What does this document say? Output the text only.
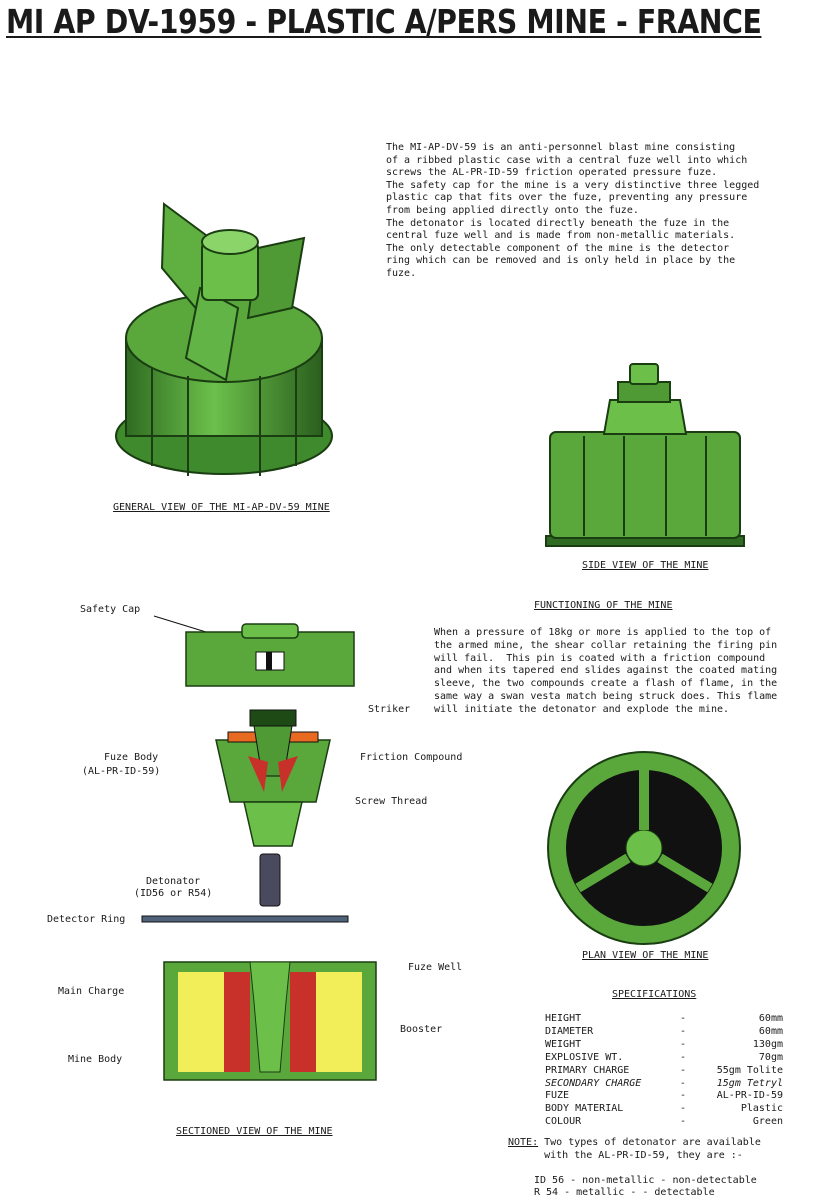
MI AP DV-1959 - PLASTIC A/PERS MINE - FRANCE
GENERAL VIEW OF THE MI-AP-DV-59 MINE
The MI-AP-DV-59 is an anti-personnel blast mine consisting
of a ribbed plastic case with a central fuze well into which
screws the AL-PR-ID-59 friction operated pressure fuze.
The safety cap for the mine is a very distinctive three legged
plastic cap that fits over the fuze, preventing any pressure
from being applied directly onto the fuze.
The detonator is located directly beneath the fuze in the
central fuze well and is made from non-metallic materials.
The only detectable component of the mine is the detector
ring which can be removed and is only held in place by the
fuze.
SIDE VIEW OF THE MINE
FUNCTIONING OF THE MINE
When a pressure of 18kg or more is applied to the top of
the armed mine, the shear collar retaining the firing pin
will fail.  This pin is coated with a friction compound
and when its tapered end slides against the coated mating
sleeve, the two compounds create a flash of flame, in the
same way a swan vesta match being struck does. This flame
will initiate the detonator and explode the mine.
Safety Cap
Striker
Fuze Body
(AL-PR-ID-59)
Friction Compound
Screw Thread
Detonator
(ID56 or R54)
Detector Ring
Fuze Well
Main Charge
Booster
Mine Body
SECTIONED VIEW OF THE MINE
PLAN VIEW OF THE MINE
SPECIFICATIONS
HEIGHT	-	60mm
DIAMETER	-	60mm
WEIGHT	-	130gm
EXPLOSIVE WT.	-	70gm
PRIMARY CHARGE	-	55gm Tolite
SECONDARY CHARGE	-	15gm Tetryl
FUZE	-	AL-PR-ID-59
BODY MATERIAL	-	Plastic
COLOUR	-	Green
NOTE: Two types of detonator are available
with the AL-PR-ID-59, they are :-
ID 56 - non-metallic - non-detectable
R 54 - metallic - - detectable
